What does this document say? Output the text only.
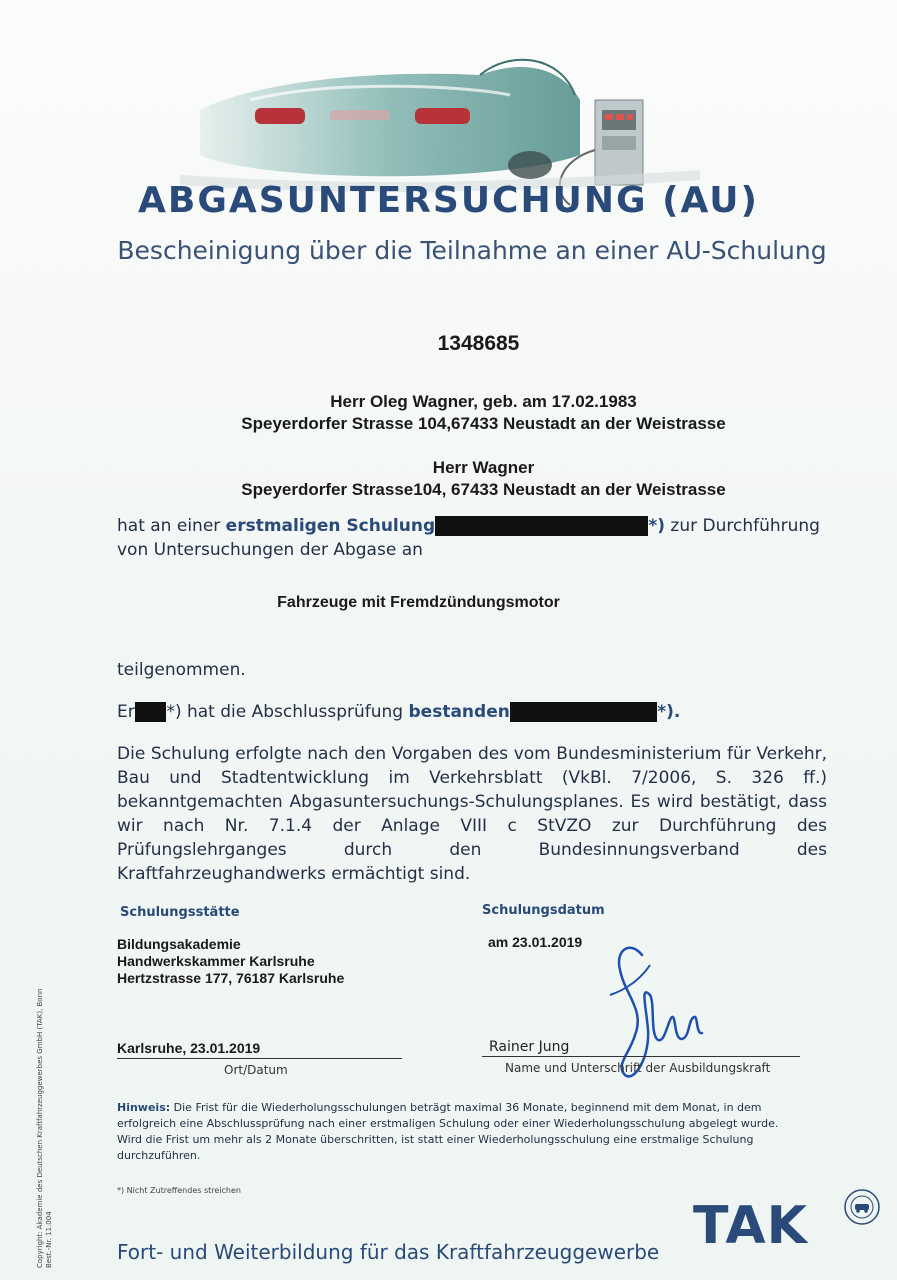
ABGASUNTERSUCHUNG (AU)
Bescheinigung über die Teilnahme an einer AU-Schulung
1348685
Herr Oleg Wagner, geb. am 17.02.1983
Speyerdorfer Strasse 104,67433 Neustadt an der Weistrasse
Herr Wagner
Speyerdorfer Strasse104, 67433 Neustadt an der Weistrasse
hat an einer erstmaligen Schulung /Wiederholungsschulung *) zur Durchführung
von Untersuchungen der Abgase an
Fahrzeuge mit Fremdzündungsmotor
teilgenommen.
Er/Sie*) hat die Abschlussprüfung bestanden /nicht bestanden *).
Die Schulung erfolgte nach den Vorgaben des vom Bundesministerium für Verkehr, Bau und Stadtentwicklung im Verkehrsblatt (VkBl. 7/2006, S. 326 ff.) bekanntgemachten Abgasuntersuchungs-Schulungsplanes. Es wird bestätigt, dass wir nach Nr. 7.1.4 der Anlage VIII c StVZO zur Durchführung des Prüfungslehrganges durch den Bundesinnungsverband des Kraftfahrzeughandwerks ermächtigt sind.
Schulungsstätte
Bildungsakademie
Handwerkskammer Karlsruhe
Hertzstrasse 177, 76187 Karlsruhe
Schulungsdatum
am 23.01.2019
Karlsruhe, 23.01.2019
Ort/Datum
Rainer Jung
Name und Unterschrift der Ausbildungskraft
Hinweis: Die Frist für die Wiederholungsschulungen beträgt maximal 36 Monate, beginnend mit dem Monat, in dem erfolgreich eine Abschlussprüfung nach einer erstmaligen Schulung oder einer Wiederholungsschulung abgelegt wurde. Wird die Frist um mehr als 2 Monate überschritten, ist statt einer Wiederholungsschulung eine erstmalige Schulung durchzuführen.
*) Nicht Zutreffendes streichen
Copyright: Akademie des Deutschen Kraftfahrzeuggewerbes GmbH (TAK), Bonn Best.-Nr. 11.004	Fort- und Weiterbildung für das Kraftfahrzeuggewerbe TAK
